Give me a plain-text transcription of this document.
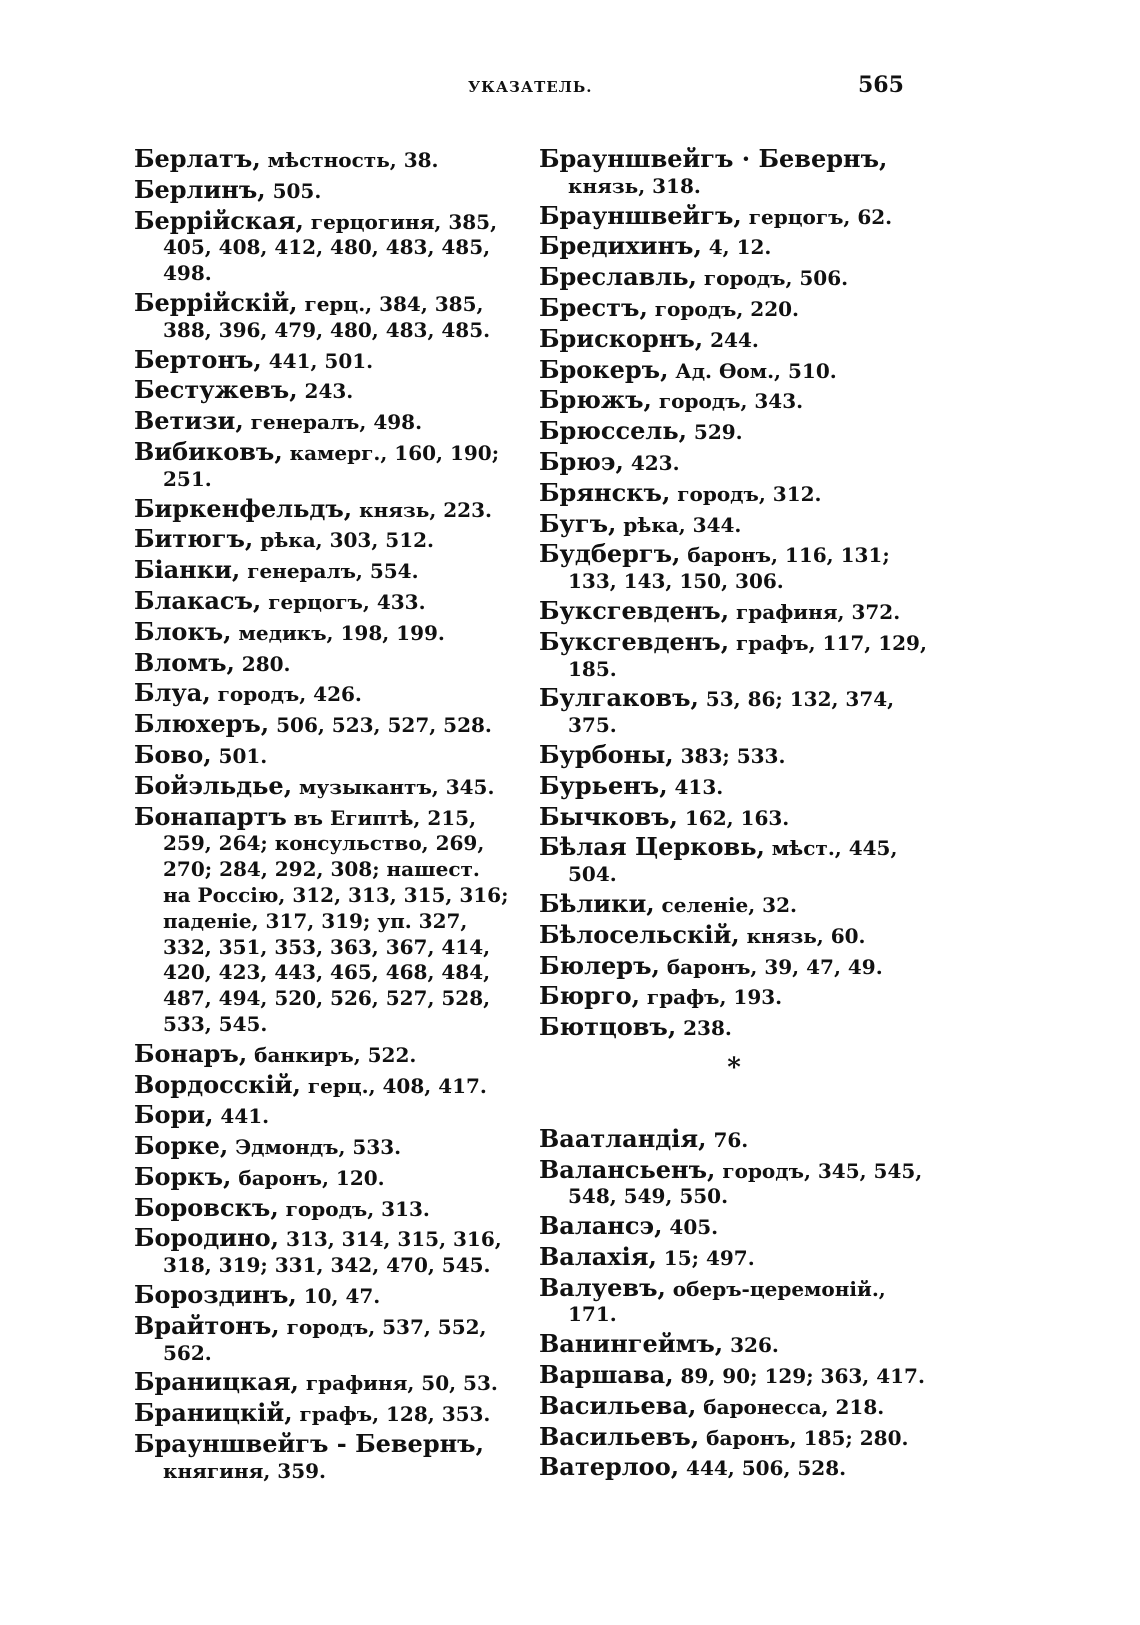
УКАЗАТЕЛЬ.	565
Берлатъ, мѣстность, 38.
Берлинъ, 505.
Беррійская, герцогиня, 385, 405, 408, 412, 480, 483, 485, 498.
Беррійскій, герц., 384, 385, 388, 396, 479, 480, 483, 485.
Бертонъ, 441, 501.
Бестужевъ, 243.
Ветизи, генералъ, 498.
Вибиковъ, камерг., 160, 190; 251.
Биркенфельдъ, князь, 223.
Битюгъ, рѣка, 303, 512.
Біанки, генералъ, 554.
Блакасъ, герцогъ, 433.
Блокъ, медикъ, 198, 199.
Вломъ, 280.
Блуа, городъ, 426.
Блюхеръ, 506, 523, 527, 528.
Бово, 501.
Бойэльдье, музыкантъ, 345.
Бонапартъ въ Египтѣ, 215, 259, 264; консульство, 269, 270; 284, 292, 308; нашест. на Россію, 312, 313, 315, 316; паденіе, 317, 319; уп. 327, 332, 351, 353, 363, 367, 414, 420, 423, 443, 465, 468, 484, 487, 494, 520, 526, 527, 528, 533, 545.
Бонаръ, банкиръ, 522.
Вордосскій, герц., 408, 417.
Бори, 441.
Борке, Эдмондъ, 533.
Боркъ, баронъ, 120.
Боровскъ, городъ, 313.
Бородино, 313, 314, 315, 316, 318, 319; 331, 342, 470, 545.
Бороздинъ, 10, 47.
Врайтонъ, городъ, 537, 552, 562.
Браницкая, графиня, 50, 53.
Браницкій, графъ, 128, 353.
Брауншвейгъ - Бевернъ, княгиня, 359.
Брауншвейгъ · Бевернъ, князь, 318.
Брауншвейгъ, герцогъ, 62.
Бредихинъ, 4, 12.
Бреславль, городъ, 506.
Брестъ, городъ, 220.
Брискорнъ, 244.
Брокеръ, Ад. Ѳом., 510.
Брюжъ, городъ, 343.
Брюссель, 529.
Брюэ, 423.
Брянскъ, городъ, 312.
Бугъ, рѣка, 344.
Будбергъ, баронъ, 116, 131; 133, 143, 150, 306.
Буксгевденъ, графиня, 372.
Буксгевденъ, графъ, 117, 129, 185.
Булгаковъ, 53, 86; 132, 374, 375.
Бурбоны, 383; 533.
Бурьенъ, 413.
Бычковъ, 162, 163.
Бѣлая Церковь, мѣст., 445, 504.
Бѣлики, селеніе, 32.
Бѣлосельскій, князь, 60.
Бюлеръ, баронъ, 39, 47, 49.
Бюрго, графъ, 193.
Бютцовъ, 238.
*
Ваатландія, 76.
Валансьенъ, городъ, 345, 545, 548, 549, 550.
Валансэ, 405.
Валахія, 15; 497.
Валуевъ, оберъ-церемоній., 171.
Ванингеймъ, 326.
Варшава, 89, 90; 129; 363, 417.
Васильева, баронесса, 218.
Васильевъ, баронъ, 185; 280.
Ватерлоо, 444, 506, 528.
